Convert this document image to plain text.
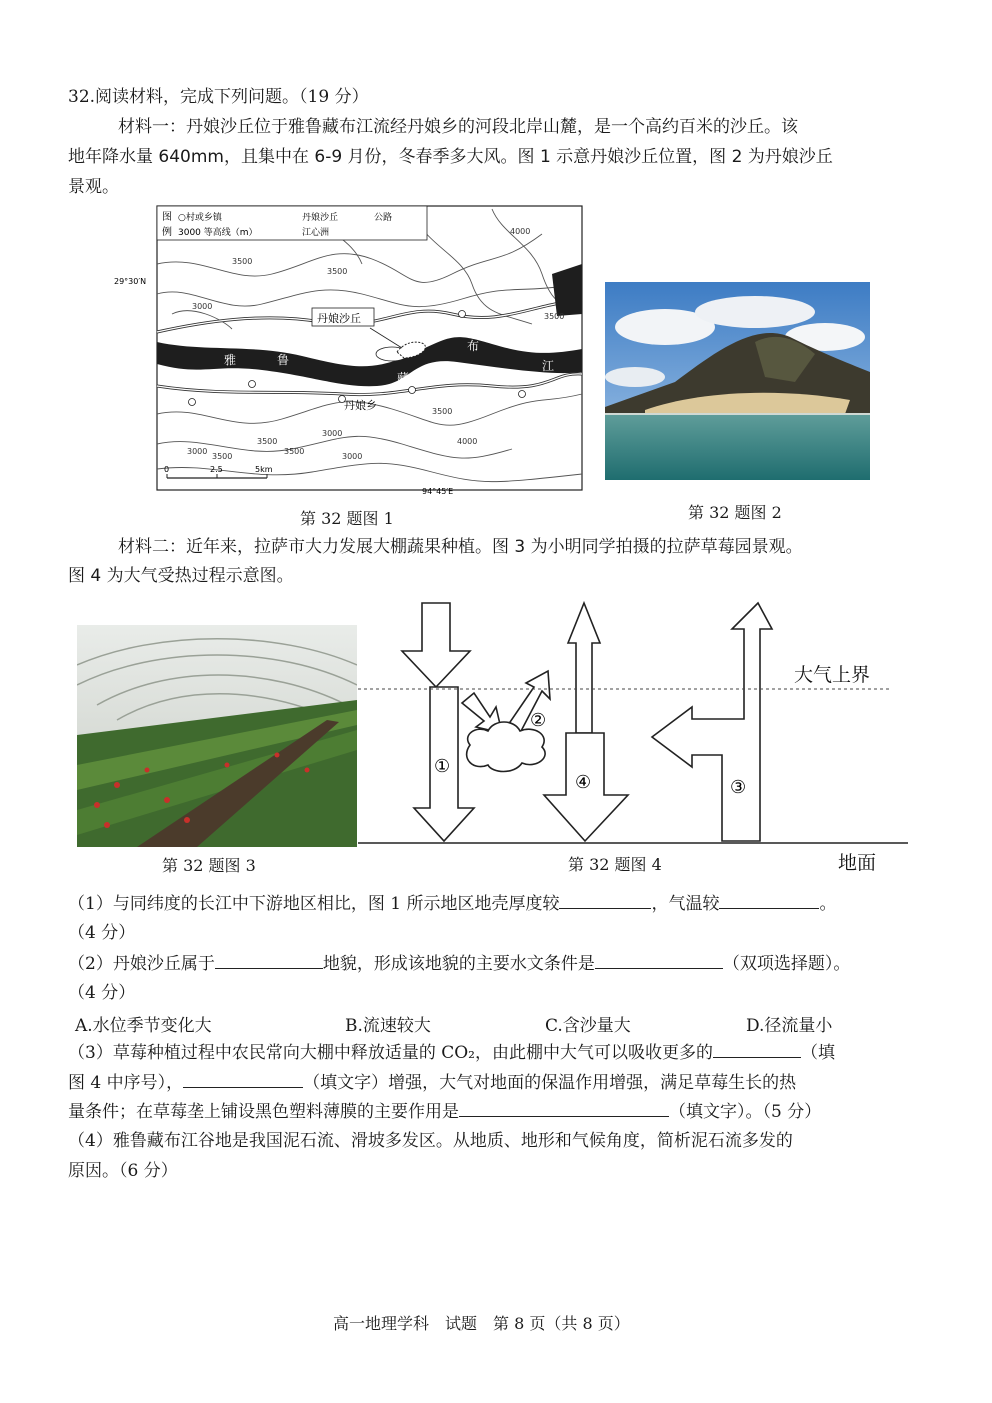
32.阅读材料，完成下列问题。（19 分）
材料一：丹娘沙丘位于雅鲁藏布江流经丹娘乡的河段北岸山麓，是一个高约百米的沙丘。该
地年降水量 640mm，且集中在 6-9 月份，冬春季多大风。图 1 示意丹娘沙丘位置，图 2 为丹娘沙丘
景观。
图
例
○村或乡镇	丹娘沙丘	公路
3000 等高线（m）	江心洲
29°30′N
94°45′E
丹娘沙丘
丹娘乡
雅	鲁
藏
布
江
3000
3500
4000
3500
3500
3000
3500
4000
3000
3500
3500
3000
3500
0	2.5	5km
第 32 题图 1	第 32 题图 2
材料二：近年来，拉萨市大力发展大棚蔬果种植。图 3 为小明同学拍摄的拉萨草莓园景观。
图 4 为大气受热过程示意图。
第 32 题图 3
大气上界
地面
①
②
③
④
第 32 题图 4
（1）与同纬度的长江中下游地区相比，图 1 所示地区地壳厚度较	，气温较	。
（4 分）
（2）丹娘沙丘属于	地貌，形成该地貌的主要水文条件是	（双项选择题）。
（4 分）
A.水位季节变化大	B.流速较大	C.含沙量大	D.径流量小
（3）草莓种植过程中农民常向大棚中释放适量的 CO₂，由此棚中大气可以吸收更多的	（填
图 4 中序号），	（填文字）增强，大气对地面的保温作用增强，满足草莓生长的热
量条件；在草莓垄上铺设黑色塑料薄膜的主要作用是	（填文字）。（5 分）
（4）雅鲁藏布江谷地是我国泥石流、滑坡多发区。从地质、地形和气候角度，简析泥石流多发的
原因。（6 分）
高一地理学科　试题　第 8 页（共 8 页）
